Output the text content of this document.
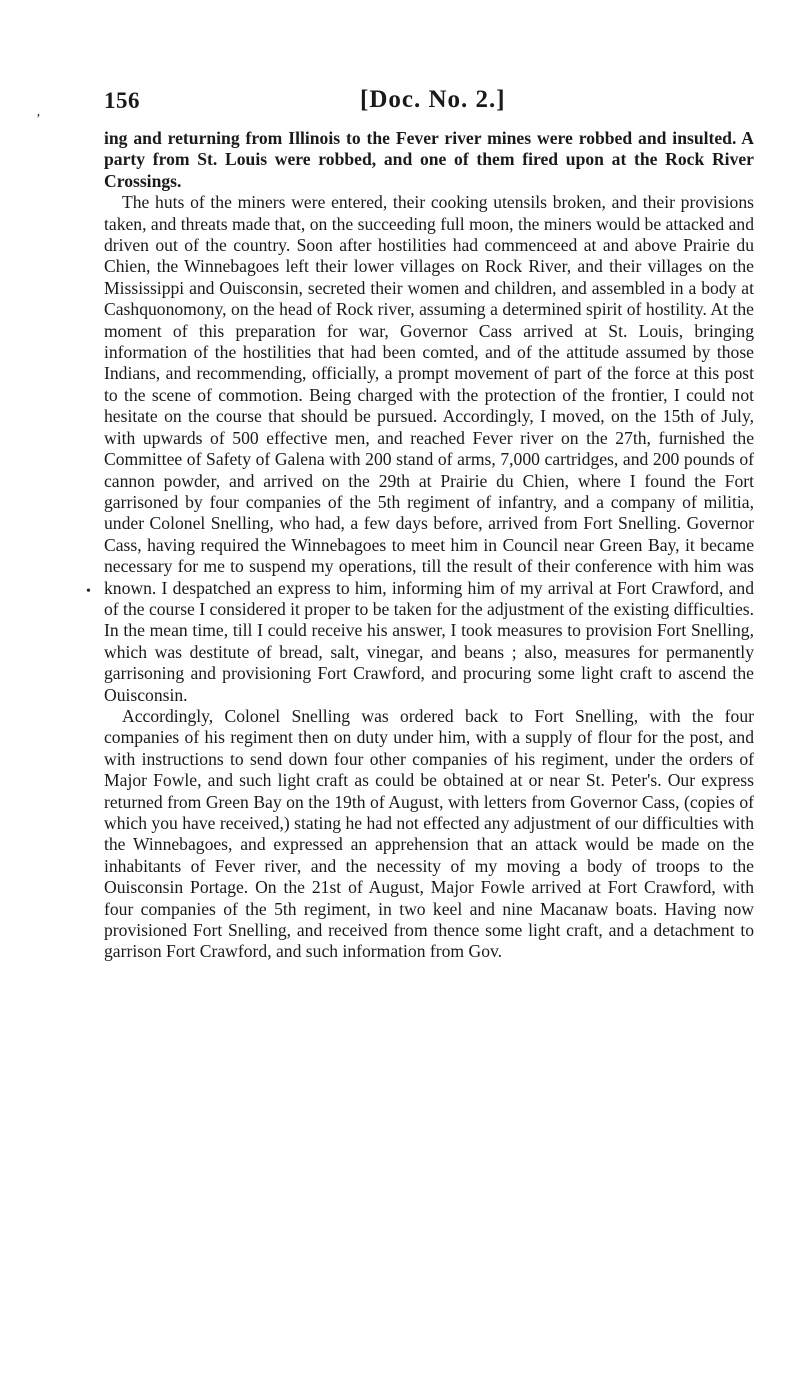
’
•
156	[Doc. No. 2.]

ing and returning from Illinois to the Fever river mines were robbed and insulted. A party from St. Louis were robbed, and one of them fired upon at the Rock River Crossings.

The huts of the miners were entered, their cooking utensils broken, and their provisions taken, and threats made that, on the succeeding full moon, the miners would be attacked and driven out of the country. Soon after hostilities had commenceed at and above Prairie du Chien, the Winnebagoes left their lower villages on Rock River, and their villages on the Mississippi and Ouisconsin, secreted their women and children, and assembled in a body at Cashquonomony, on the head of Rock river, assuming a determined spirit of hostility. At the moment of this preparation for war, Governor Cass arrived at St. Louis, bringing information of the hostilities that had been comted, and of the attitude assumed by those Indians, and recommending, officially, a prompt movement of part of the force at this post to the scene of commotion. Being charged with the protection of the frontier, I could not hesitate on the course that should be pursued. Accordingly, I moved, on the 15th of July, with upwards of 500 effective men, and reached Fever river on the 27th, furnished the Committee of Safety of Galena with 200 stand of arms, 7,000 cartridges, and 200 pounds of cannon powder, and arrived on the 29th at Prairie du Chien, where I found the Fort garrisoned by four companies of the 5th regiment of infantry, and a company of militia, under Colonel Snelling, who had, a few days before, arrived from Fort Snelling. Governor Cass, having required the Winnebagoes to meet him in Council near Green Bay, it became necessary for me to suspend my operations, till the result of their conference with him was known. I despatched an express to him, informing him of my arrival at Fort Crawford, and of the course I considered it proper to be taken for the adjustment of the existing difficulties. In the mean time, till I could receive his answer, I took measures to provision Fort Snelling, which was destitute of bread, salt, vinegar, and beans ; also, measures for permanently garrisoning and provisioning Fort Crawford, and procuring some light craft to ascend the Ouisconsin.

Accordingly, Colonel Snelling was ordered back to Fort Snelling, with the four companies of his regiment then on duty under him, with a supply of flour for the post, and with instructions to send down four other companies of his regiment, under the orders of Major Fowle, and such light craft as could be obtained at or near St. Peter's. Our express returned from Green Bay on the 19th of August, with letters from Governor Cass, (copies of which you have received,) stating he had not effected any adjustment of our difficulties with the Winnebagoes, and expressed an apprehension that an attack would be made on the inhabitants of Fever river, and the necessity of my moving a body of troops to the Ouisconsin Portage. On the 21st of August, Major Fowle arrived at Fort Crawford, with four companies of the 5th regiment, in two keel and nine Macanaw boats. Having now provisioned Fort Snelling, and received from thence some light craft, and a detachment to garrison Fort Crawford, and such information from Gov.
